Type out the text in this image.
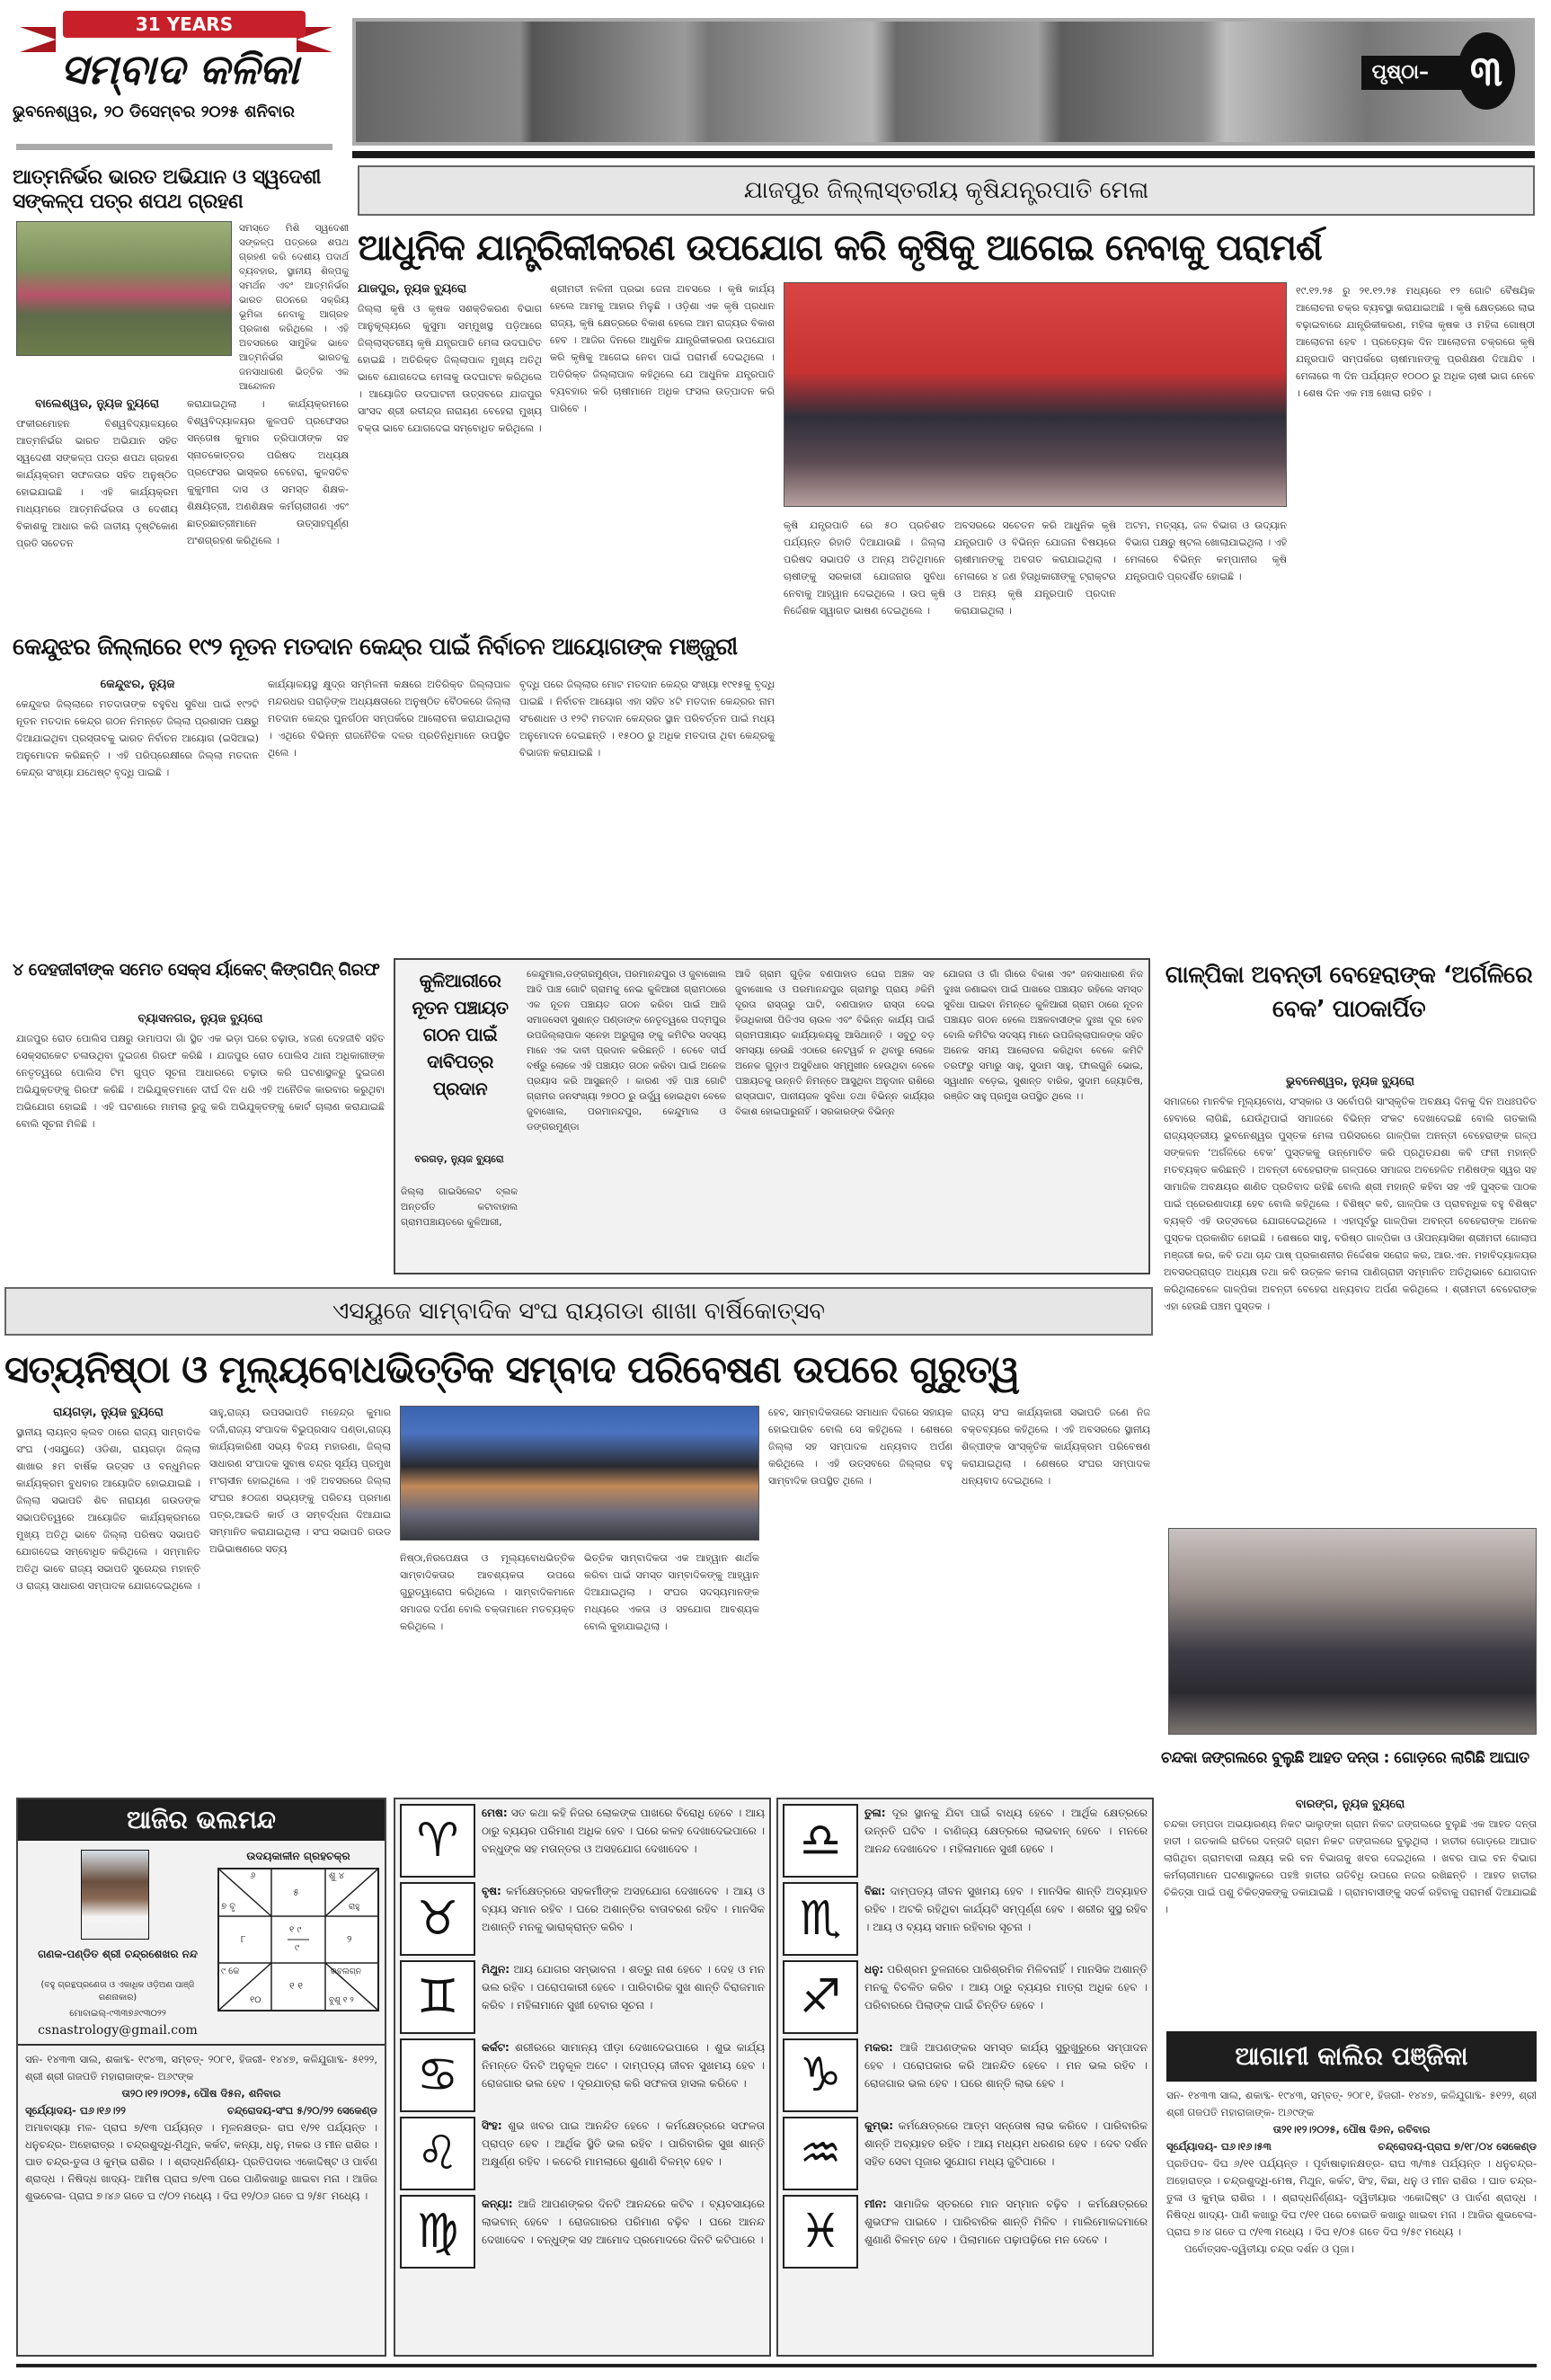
31 YEARS
ସମ୍ବାଦ କଳିକା
ଭୁବନେଶ୍ୱର, ୨୦ ଡିସେମ୍ବର ୨୦୨୫ ଶନିବାର
ପୃଷ୍ଠା– ୩
ଆତ୍ମନିର୍ଭର ଭାରତ ଅଭିଯାନ ଓ ସ୍ୱଦେଶୀ ସଙ୍କଳ୍ପ ପତ୍ର ଶପଥ ଗ୍ରହଣ
ସମସ୍ତେ ମିଶି ସ୍ୱଦେଶୀ ସଙ୍କଳ୍ପ ପତ୍ରରେ ଶପଥ ଗ୍ରହଣ କରି ଦେଶୀୟ ପଦାର୍ଥ ବ୍ୟବହାର, ସ୍ଥାନୀୟ ଶିଳ୍ପକୁ ସମର୍ଥନ ଏବଂ ଆତ୍ମନିର୍ଭର ଭାରତ ଗଠନରେ ସକ୍ରିୟ ଭୂମିକା ନେବାକୁ ଆଗ୍ରହ ପ୍ରକାଶ କରିଥିଲେ । ଏହି ଅବସରରେ ସାମୁହିକ ଭାବେ ଆତ୍ମନିର୍ଭର ଭାରତକୁ ଜନସାଧାରଣ ଭିତ୍ତିକ ଏକ ଆନ୍ଦୋଳନ
ବାଲେଶ୍ୱର, ନ୍ୟୁଜ ବ୍ୟୁରୋ
ଫକୀରମୋହନ ବିଶ୍ୱବିଦ୍ୟାଳୟରେ ଆତ୍ମନିର୍ଭର ଭାରତ ଅଭିଯାନ ସହିତ ସ୍ୱଦେଶୀ ସଙ୍କଳ୍ପ ପତ୍ର ଶପଥ ଗ୍ରହଣ କାର୍ଯ୍ୟକ୍ରମ ସଫଳତାର ସହିତ ଅନୁଷ୍ଠିତ ହୋଇଯାଇଛି । ଏହି କାର୍ଯ୍ୟକ୍ରମ ମାଧ୍ୟମରେ ଆତ୍ମନିର୍ଭରତା ଓ ଦେଶୀୟ ବିକାଶକୁ ଆଧାର କରି ଜାତୀୟ ଦୃଷ୍ଟିକୋଣ ପ୍ରତି ସଚେତନ
କରାଯାଇଥିଲା । କାର୍ଯ୍ୟକ୍ରମରେ ବିଶ୍ୱବିଦ୍ୟାଳୟର କୁଳପତି ପ୍ରଫେସର ସନ୍ତୋଷ କୁମାର ତ୍ରିପାଠୀଙ୍କ ସହ ସ୍ନାତକୋତ୍ତର ପରିଷଦ ଅଧ୍ୟକ୍ଷ ପ୍ରଫେସର ଭାସ୍କର ବେହେରା, କୁଳସଚିବ କୁକୁମୀନା ଦାସ ଓ ସମସ୍ତ ଶିକ୍ଷକ-ଶିକ୍ଷୟିତ୍ରୀ, ଅଣଶିକ୍ଷକ କର୍ମଚାରୀଗଣ ଏବଂ ଛାତ୍ରଛାତ୍ରୀମାନେ ଉତ୍ସାହପୂର୍ଣ୍ଣ ଅଂଶଗ୍ରହଣ କରିଥିଲେ ।
ଯାଜପୁର ଜିଲ୍ଲାସ୍ତରୀୟ କୃଷିଯନ୍ତ୍ରପାତି ମେଳା
ଆଧୁନିକ ଯାନ୍ତ୍ରିକୀକରଣ ଉପଯୋଗ କରି କୃଷିକୁ ଆଗେଇ ନେବାକୁ ପରାମର୍ଶ
ଯାଜପୁର, ନ୍ୟୁଜ ବ୍ୟୁରୋ
ଜିଲ୍ଲା କୃଷି ଓ କୃଷକ ସଶକ୍ତିକରଣ ବିଭାଗ ଆନୁକୂଲ୍ୟରେ କୁସୁମା ସମ୍ମୁଖସ୍ଥ ପଡ଼ିଆରେ ଜିଲ୍ଲାସ୍ତରୀୟ କୃଷି ଯନ୍ତ୍ରପାତି ମେଳା ଉଦଘାଟିତ ହୋଇଛି । ଅତିରିକ୍ତ ଜିଲ୍ଲାପାଳ ମୁଖ୍ୟ ଅତିଥି ଭାବେ ଯୋଗଦେଇ ମେଳାକୁ ଉଦଘାଟନ କରିଥିଲେ । ଆୟୋଜିତ ଉଦଘାଟନୀ ଉତ୍ସବରେ ଯାଜପୁର ସାଂସଦ ଶ୍ରୀ ରବୀନ୍ଦ୍ର ନାରାୟଣ ବେହେରା ମୁଖ୍ୟ ବକ୍ତା ଭାବେ ଯୋଗଦେଇ ସମ୍ବୋଧିତ କରିଥିଲେ ।
ଶ୍ରୀମତୀ ନଳିନୀ ପ୍ରଭା ଜେନା ଅବସରେ । କୃଷି କାର୍ଯ୍ୟ ହେଲେ ଆମକୁ ଆହାର ମିଳୁଛି । ଓଡ଼ିଶା ଏକ କୃଷି ପ୍ରଧାନ ରାଜ୍ୟ, କୃଷି କ୍ଷେତ୍ରରେ ବିକାଶ ହେଲେ ଆମ ରାଜ୍ୟର ବିକାଶ ହେବ । ଆଜିର ଦିନରେ ଆଧୁନିକ ଯାନ୍ତ୍ରିକୀକରଣ ଉପଯୋଗ କରି କୃଷିକୁ ଆଗେଇ ନେବା ପାଇଁ ପରାମର୍ଶ ଦେଇଥିଲେ । ଅତିରିକ୍ତ ଜିଲ୍ଲାପାଳ କହିଥିଲେ ଯେ ଆଧୁନିକ ଯନ୍ତ୍ରପାତି ବ୍ୟବହାର କରି ଚାଷୀମାନେ ଅଧିକ ଫସଲ ଉତ୍ପାଦନ କରି ପାରିବେ ।
୧୯.୧୨.୨୫ ରୁ ୨୧.୧୨.୨୫ ମଧ୍ୟରେ ୧୨ ଗୋଟି ବୈଷୟିକ ଆଲୋଚନା ଚକ୍ର ବ୍ୟବସ୍ଥା କରାଯାଇଅଛି । କୃଷି କ୍ଷେତ୍ରରେ ଲାଭ ବଢ଼ାଇବାରେ ଯାନ୍ତ୍ରିକୀକରଣ, ମହିଳା କୃଷକ ଓ ମହିଳା ଗୋଷ୍ଠୀ ଆଲୋଚନା ହେବ । ପ୍ରତ୍ୟେକ ଦିନ ଆଲୋଚନା ଚକ୍ରରେ କୃଷି ଯନ୍ତ୍ରପାତି ସମ୍ପର୍କରେ ଚାଷୀମାନଙ୍କୁ ପ୍ରଶିକ୍ଷଣ ଦିଆଯିବ । ମେଳାରେ ୩ ଦିନ ପର୍ଯ୍ୟନ୍ତ ୧୦୦୦ ରୁ ଅଧିକ ଚାଷୀ ଭାଗ ନେବେ । ଶେଷ ଦିନ ଏକ ମଞ୍ଚ ଖୋଲା ରହିବ ।
କୃଷି ଯନ୍ତ୍ରପାତି ରେ ୫୦ ପ୍ରତିଶତ ପର୍ଯ୍ୟନ୍ତ ରିହାତି ଦିଆଯାଉଛି । ଜିଲ୍ଲା ପରିଷଦ ସଭାପତି ଓ ଅନ୍ୟ ଅତିଥିମାନେ ଚାଷୀଙ୍କୁ ସରକାରୀ ଯୋଜନାର ସୁବିଧା ନେବାକୁ ଆହ୍ୱାନ ଦେଇଥିଲେ । ଉପ କୃଷି ନିର୍ଦ୍ଦେଶକ ସ୍ୱାଗତ ଭାଷଣ ଦେଇଥିଲେ ।
ଅବସରରେ ସଚେତନ କରି ଆଧୁନିକ କୃଷି ଯନ୍ତ୍ରପାତି ଓ ବିଭିନ୍ନ ଯୋଜନା ବିଷୟରେ ଚାଷୀମାନଙ୍କୁ ଅବଗତ କରାଯାଇଥିଲା । ମେଳାରେ ୪ ଜଣ ହିତାଧିକାରୀଙ୍କୁ ଟ୍ରାକ୍ଟର ଓ ଅନ୍ୟ କୃଷି ଯନ୍ତ୍ରପାତି ପ୍ରଦାନ କରାଯାଇଥିଲା ।
ଅଟମ, ମତ୍ସ୍ୟ, ଜଳ ବିଭାଗ ଓ ଉଦ୍ୟାନ ବିଭାଗ ପକ୍ଷରୁ ଷ୍ଟଲ ଖୋଲାଯାଇଥିଲା । ଏହି ମେଳାରେ ବିଭିନ୍ନ କମ୍ପାନୀର କୃଷି ଯନ୍ତ୍ରପାତି ପ୍ରଦର୍ଶିତ ହୋଇଛି ।
କେନ୍ଦୁଝର ଜିଲ୍ଲାରେ ୧୯୨ ନୂତନ ମତଦାନ କେନ୍ଦ୍ର ପାଇଁ ନିର୍ବାଚନ ଆୟୋଗଙ୍କ ମଞ୍ଜୁରୀ
କେନ୍ଦୁଝର, ନ୍ୟୁଜ
କେନ୍ଦୁଝର ଜିଲ୍ଲାରେ ମତଦାତାଙ୍କ ବହୁବିଧ ସୁବିଧା ପାଇଁ ୧୯୨ଟି ନୂତନ ମତଦାନ କେନ୍ଦ୍ର ଗଠନ ନିମନ୍ତେ ଜିଲ୍ଲା ପ୍ରଶାସନ ପକ୍ଷରୁ ଦିଆଯାଇଥିବା ପ୍ରସ୍ତାବକୁ ଭାରତ ନିର୍ବାଚନ ଆୟୋଗ (ଇସିଆଇ) ଅନୁମୋଦନ କରିଛନ୍ତି । ଏହି ପରିପ୍ରେକ୍ଷୀରେ ଜିଲ୍ଲା ମତଦାନ କେନ୍ଦ୍ର ସଂଖ୍ୟା ଯଥେଷ୍ଟ ବୃଦ୍ଧି ପାଇଛି ।
କାର୍ଯ୍ୟାଳୟସ୍ଥ କ୍ଷୁଦ୍ର ସମ୍ମିଳନୀ କକ୍ଷରେ ଅତିରିକ୍ତ ଜିଲ୍ଲାପାଳ ମନ୍ଦରଧର ପରାଡ଼ିଙ୍କ ଅଧ୍ୟକ୍ଷତାରେ ଅନୁଷ୍ଠିତ ବୈଠକରେ ଜିଲ୍ଲା ମତଦାନ କେନ୍ଦ୍ର ପୁନର୍ଗଠନ ସମ୍ପର୍କରେ ଆଲୋଚନା କରାଯାଇଥିଲା । ଏଥିରେ ବିଭିନ୍ନ ରାଜନୈତିକ ଦଳର ପ୍ରତିନିଧିମାନେ ଉପସ୍ଥିତ ଥିଲେ ।
ବୃଦ୍ଧି ପରେ ଜିଲ୍ଲାର ମୋଟ ମତଦାନ କେନ୍ଦ୍ର ସଂଖ୍ୟା ୧୯୧୫କୁ ବୃଦ୍ଧି ପାଇଛି । ନିର୍ବାଚନ ଆୟୋଗ ଏହା ସହିତ ୪ଟି ମତଦାନ କେନ୍ଦ୍ରର ନାମ ସଂଶୋଧନ ଓ ୧୨ଟି ମତଦାନ କେନ୍ଦ୍ରର ସ୍ଥାନ ପରିବର୍ତ୍ତନ ପାଇଁ ମଧ୍ୟ ଅନୁମୋଦନ ଦେଇଛନ୍ତି । ୧୫୦୦ ରୁ ଅଧିକ ମତଦାତା ଥିବା କେନ୍ଦ୍ରକୁ ବିଭାଜନ କରାଯାଇଛି ।
୪ ଦେହଜୀବୀଙ୍କ ସମେତ ସେକ୍ସ ର୍ୟାକେଟ୍ କିଙ୍ଗପିନ୍ ଗିରଫ
ବ୍ୟାସନଗର, ନ୍ୟୁଜ ବ୍ୟୁରୋ
ଯାଜପୁର ରୋଡ ପୋଲିସ ପକ୍ଷରୁ ଉମାପଦା ଗାଁ ସ୍ଥିତ ଏକ ଭଡ଼ା ଘରେ ଚଢ଼ାଉ, ୪ଜଣ ଦେହଜୀବି ସହିତ ସେକ୍ସରାକେଟ ଚଳାଉଥିବା ଦୁଇଜଣ ଗିରଫ କରିଛି । ଯାଜପୁର ରୋଡ ପୋଲିସ ଥାନା ଅଧିକାରୀଙ୍କ ନେତୃତ୍ୱରେ ପୋଲିସ ଟିମ ଗୁପ୍ତ ସୂଚନା ଆଧାରରେ ଚଢ଼ାଉ କରି ଘଟଣାସ୍ଥଳରୁ ଦୁଇଜଣ ଅଭିଯୁକ୍ତଙ୍କୁ ଗିରଫ କରିଛି । ଅଭିଯୁକ୍ତମାନେ ଦୀର୍ଘ ଦିନ ଧରି ଏହି ଅନୈତିକ କାରବାର କରୁଥିବା ଅଭିଯୋଗ ହୋଇଛି । ଏହି ଘଟଣାରେ ମାମଲା ରୁଜୁ କରି ଅଭିଯୁକ୍ତଙ୍କୁ କୋର୍ଟ ଚାଲାଣ କରାଯାଇଛି ବୋଲି ସୂଚନା ମିଳିଛି ।
କୁଳିଆରୀରେ ନୂତନ ପଞ୍ଚାୟତ ଗଠନ ପାଇଁ ଦାବିପତ୍ର ପ୍ରଦାନ
ବରଗଡ଼, ନ୍ୟୁଜ ବ୍ୟୁରୋ
ଜିଲ୍ଲା ଗାଇସିଲେଟ ବ୍ଲକ ଅନ୍ତର୍ଗତ କଟାବାହାଲ ଗ୍ରାମପଞ୍ଚାୟତରେ କୁଳିଆରୀ,
କେନ୍ଦୁମାଲ,ଡଙ୍ଗରମୁଣ୍ଡା, ପରମାନନ୍ଦପୁର ଓ ଜୁବାଖୋଲ ଆଦି ପାଞ୍ଚ ଗୋଟି ଗ୍ରାମକୁ ନେଇ କୁଳିଆରୀ ଗ୍ରାମଠାରେ ଏକ ନୂତନ ପଞ୍ଚାୟତ ଗଠନ କରିବା ପାଇଁ ଆଜି ସମାଜସେବୀ ସୁଶାନ୍ତ ପଣ୍ଡାଙ୍କ ନେତୃତ୍ୱରେ ପଦ୍ମପୁର ଉପଜିଲ୍ଲାପାଳ ସ୍ନେହା ଅରୁଗୁଲା ଙ୍କୁ କମିଟିର ସଦସ୍ୟ ମାନେ ଏକ ଦାବୀ ପ୍ରଦାନ କରିଛନ୍ତି । ତେବେ ଦୀର୍ଘ ବର୍ଷରୁ ଲୋକେ ଏହି ପଞ୍ଚାୟତ ଗଠନ କରିବା ପାଇଁ ଅନେକ ପ୍ରୟାସ କରି ଆସୁଛନ୍ତି । କାରଣ ଏହି ପାଞ୍ଚ ଗୋଟି ଗ୍ରାମର ଜନସଂଖ୍ୟା ୨୭୦୦ ରୁ ଉର୍ଦ୍ଧ୍ୱ ହୋଇଥିବା ବେଳେ ଜୁବାଖୋଲ, ପରମାନନ୍ଦପୁର, କେନ୍ଦୁମାଲ ଓ ଡଙ୍ଗରମୁଣ୍ଡା
ଆଦି ଗ୍ରାମ ଗୁଡ଼ିକ ବଣପାହାଡ ଘେରା ଅଞ୍ଚଳ ସହ ଜୁବାଖୋଲ ଓ ପରମାନନ୍ଦପୁର ଗ୍ରାମରୁ ପ୍ରାୟ ୬କିମି ଦୂରତା ରାସ୍ତାରୁ ଘାଟି, ବଣପାହାଡ ରାସ୍ତା ଦେଇ ହିତାଧିକାରୀ ପିଡିଏସ ଚାଉଳ ଏବଂ ବିଭିନ୍ନ କାର୍ଯ୍ୟ ପାଇଁ ଗ୍ରାମପଞ୍ଚାୟତ କାର୍ଯ୍ୟାଳୟକୁ ଆସିଥାନ୍ତି । ସବୁଠୁ ବଡ଼ ସମସ୍ୟା ହେଉଛି ଏଠାରେ ନେଟୱର୍କ ନ ଥିବାରୁ ଲୋକେ ଅନେକ ଗୁଡ଼ାଏ ଅସୁବିଧାର ସମ୍ମୁଖୀନ ହେଉଥିବା ବେଳେ ପଞ୍ଚାୟତକୁ ଉନ୍ନତି ନିମନ୍ତେ ଆସୁଥିବା ଅନୁଦାନ ରାଶିରେ ରାସ୍ତାଘାଟ, ପାନୀୟଜଳ ସୁବିଧା ତଥା ବିଭିନ୍ନ କାର୍ଯ୍ୟର ବିକାଶ ହୋଇପାରୁନାହିଁ । ସରକାରଙ୍କ ବିଭିନ୍ନ
ଯୋଜନା ଓ ଗାଁ ଗାଁରେ ବିକାଶ ଏବଂ ଜନସାଧାରଣ ନିଜ ଦୁଃଖ ଜଣାଇବା ପାଇଁ ପାଖରେ ପଞ୍ଚାୟତ ରହିଲେ ସମସ୍ତ ସୁବିଧା ପାଇବା ନିମନ୍ତେ କୁଳିଆରୀ ଗ୍ରାମ ଠାରେ ନୂତନ ପଞ୍ଚାୟତ ଗଠନ ହେଲେ ଅଞ୍ଚଳବାସୀଙ୍କ ଦୁଃଖ ଦୂର ହେବ ବୋଲି କମିଟିର ସଦସ୍ୟ ମାନେ ଉପଜିଲ୍ଲାପାଳଙ୍କ ସହିତ ଅନେକ ସମୟ ଆଲୋଚନା କରିଥିବା ବେଳେ କମିଟି ତରଫରୁ ସମାରୁ ସାହୁ, ସୁଦାମ ସାହୁ, ଫାଲଗୁନି ଭୋଇ, ସ୍ୱାଧୀନ ବଡ଼େଇ, ସୁଶାନ୍ତ ବାରିକ, ସୁଦାମ ଜ୍ୟୋତିଷ, ରଞ୍ଜିତ ସାହୁ ପ୍ରମୁଖ ଉପସ୍ଥିତ ଥିଲେ ।।
ଗାଳ୍ପିକା ଅବନ୍ତୀ ବେହେରାଙ୍କ ‘ଅର୍ଗଳିରେ ବେକ’ ପାଠକାର୍ପିତ
ଭୁବନେଶ୍ୱର, ନ୍ୟୁଜ ବ୍ୟୁରୋ
ସମାଜରେ ମାନବିକ ମୂଲ୍ୟବୋଧ, ସଂସ୍କାର ଓ ସର୍ବୋପରି ସାଂସ୍କୃତିକ ଅବକ୍ଷୟ ଦିନକୁ ଦିନ ଅଧଃପତିତ ହେବାରେ ଲାଗିଛି, ଯେଉଁଥିପାଇଁ ସମାଜରେ ବିଭିନ୍ନ ସଂକଟ ଦେଖାଦେଇଛି ବୋଲି ଗତକାଲି ରାଜ୍ୟସ୍ତରୀୟ ଭୁବନେଶ୍ୱର ପୁସ୍ତକ ମେଳା ପରିସରରେ ଗାଳ୍ପିକା ଅନନ୍ତୀ ବେହେରାଙ୍କ ଗଳ୍ପ ସଙ୍କଳନ ‘ଅର୍ଗଳିରେ ବେକ’ ପୁସ୍ତକକୁ ଉନ୍ମୋଚିତ କରି ପ୍ରଥିତଯଶା କବି ଫନୀ ମହାନ୍ତି ମତବ୍ୟକ୍ତ କରିଛନ୍ତି । ଅବନ୍ତୀ ବେହେରାଙ୍କ ଗଳ୍ପରେ ସମାଜର ଅବହେଳିତ ମଣିଷଙ୍କ ସ୍ୱର ସହ ସାମାଜିକ ଅବକ୍ଷୟର ଶାଣିତ ପ୍ରତିବାଦ ରହିଛି ବୋଲି ଶ୍ରୀ ମହାନ୍ତି କହିବା ସହ ଏହି ପୁସ୍ତକ ପାଠକ ପାଇଁ ପ୍ରେରଣାଦାୟୀ ହେବ ବୋଲି କହିଥିଲେ । ବିଶିଷ୍ଟ କବି, ଗାଳ୍ପିକ ଓ ପ୍ରାବନ୍ଧିକ ବହୁ ବିଶିଷ୍ଟ ବ୍ୟକ୍ତି ଏହି ଉତ୍ସବରେ ଯୋଗଦେଇଥିଲେ । ଏହାପୂର୍ବରୁ ଗାଳ୍ପିକା ଅବନ୍ତୀ ବେହେରାଙ୍କ ଅନେକ ପୁସ୍ତକ ପ୍ରକାଶିତ ହୋଇଛି । ଶେଷରେ ସାହୁ, ବରିଷ୍ଠ ଗାଳ୍ପିକା ଓ ଔପନ୍ୟାସିକା ଶ୍ରୀମତୀ ଗୋଲାପ ମଞ୍ଜରୀ କର, କବି ତଥା ଚାନ୍ଦ ପାଷ୍ ପ୍ରକାଶନୀର ନିର୍ଦ୍ଦେଶକ ସରୋଜ କର, ଆର.ଏନ. ମହାବିଦ୍ୟାଳୟର ଅବସରପ୍ରାପ୍ତ ଅଧ୍ୟକ୍ଷ ତଥା କବି ଉତ୍କଳ କମଳା ପାଣିଗ୍ରାହୀ ସମ୍ମାନିତ ଅତିଥିଭାବେ ଯୋଗଦାନ କରିଥିଲାବେଳେ ଗାଳ୍ପିକା ଅବନ୍ତୀ ବେହେରା ଧନ୍ୟବାଦ ଅର୍ପଣ କରିଥିଲେ । ଶ୍ରୀମତୀ ବେହେରାଙ୍କ ଏହା ହେଉଛି ପଞ୍ଚମ ପୁସ୍ତକ ।
ଏସୟୁଜେ ସାମ୍ବାଦିକ ସଂଘ ରାୟଗଡା ଶାଖା ବାର୍ଷିକୋତ୍ସବ
ସତ୍ୟନିଷ୍ଠା ଓ ମୂଲ୍ୟବୋଧଭିତ୍ତିକ ସମ୍ବାଦ ପରିବେଷଣ ଉପରେ ଗୁରୁତ୍ୱ
ରାୟଗଡ଼ା, ନ୍ୟୁଜ ବ୍ୟୁରୋ
ସ୍ଥାନୀୟ ଲାୟନ୍ସ କ୍ଲବ ଠାରେ ରାଜ୍ୟ ସାମ୍ବାଦିକ ସଂଘ (ଏସୟୁଜେ) ଓଡିଶା, ରାୟଗଡ଼ା ଜିଲ୍ଲା ଶାଖାର ୫ମ ବାର୍ଷିକ ଉତ୍ସବ ଓ ବନ୍ଧୁମିଳନ କାର୍ଯ୍ୟକ୍ରମ ବୁଧବାର ଆୟୋଜିତ ହୋଇଯାଇଛି । ଜିଲ୍ଲା ସଭାପତି ଶିବ ନାରାୟଣ ଗଉଡଙ୍କ ସଭାପତିତ୍ୱରେ ଆୟୋଜିତ କାର୍ଯ୍ୟକ୍ରମରେ ମୁଖ୍ୟ ଅତିଥି ଭାବେ ଜିଲ୍ଲା ପରିଷଦ ସଭାପତି ଯୋଗଦେଇ ସମ୍ବୋଧିତ କରିଥିଲେ । ସମ୍ମାନିତ ଅତିଥି ଭାବେ ରାଜ୍ୟ ସଭାପତି ସୁରେନ୍ଦ୍ର ମହାନ୍ତି ଓ ରାଜ୍ୟ ସାଧାରଣ ସମ୍ପାଦକ ଯୋଗଦେଇଥିଲେ ।
ସାହୁ,ରାଜ୍ୟ ଉପସଭାପତି ମହେନ୍ଦ୍ର କୁମାର ଦର୍ଜୀ,ରାଜ୍ୟ ସଂପାଦକ ବିଭୁପ୍ରସାଦ ପଣ୍ଡା,ରାଜ୍ୟ କାର୍ଯ୍ୟକାରିଣୀ ସଭ୍ୟ ବିଜୟ ମହାରଣା, ଜିଲ୍ଲା ସାଧାରଣ ସଂପାଦକ ସୁବାଷ ଚନ୍ଦ୍ର ସୂର୍ଯ୍ୟ ପ୍ରମୁଖ ମଂଚାସୀନ ହୋଇଥିଲେ । ଏହି ଅବସରରେ ଜିଲ୍ଲା ସଂଘର ୫୦ଜଣ ସଭ୍ୟଙ୍କୁ ପରିଚୟ ପ୍ରମାଣ ପତ୍ର,ଆଇଡି କାର୍ଡ ଓ ସମ୍ବର୍ଦ୍ଧନା ଦିଆଯାଇ ସମ୍ମାନିତ କରାଯାଇଥିଲା । ସଂଘ ସଭାପତି ଗଉଡ ଅଭିଭାଷଣରେ ସତ୍ୟ
ନିଷ୍ଠା,ନିରପେକ୍ଷତା ଓ ମୂଲ୍ୟବୋଧଭିତ୍ତିକ ସାମ୍ବାଦିକତାର ଆବଶ୍ୟକତା ଉପରେ ଗୁରୁତ୍ୱାରୋପ କରିଥିଲେ । ସାମ୍ବାଦିକମାନେ ସମାଜର ଦର୍ପଣ ବୋଲି ବକ୍ତାମାନେ ମତବ୍ୟକ୍ତ କରିଥିଲେ ।
ଭିତ୍ତିକ ସାମ୍ବାଦିକତା ଏକ ଆହ୍ୱାନ ଶାର୍ଥକ କରିବା ପାଇଁ ସମସ୍ତ ସାମ୍ବାଦିକଙ୍କୁ ଆହ୍ୱାନ ଦିଆଯାଇଥିଲା । ସଂଘର ସଦସ୍ୟମାନଙ୍କ ମଧ୍ୟରେ ଏକତା ଓ ସହଯୋଗ ଆବଶ୍ୟକ ବୋଲି କୁହାଯାଇଥିଲା ।
ହେବ, ସାମ୍ବାଦିକତାରେ ସମାଧାନ ଦିଗରେ ସହାୟକ ହୋଇପାରିବ ବୋଲି ସେ କହିଥିଲେ । ଶେଷରେ ଜିଲ୍ଲା ସହ ସମ୍ପାଦକ ଧନ୍ୟବାଦ ଅର୍ପଣ କରିଥିଲେ । ଏହି ଉତ୍ସବରେ ଜିଲ୍ଲାର ବହୁ ସାମ୍ବାଦିକ ଉପସ୍ଥିତ ଥିଲେ ।
ରାଜ୍ୟ ସଂଘ କାର୍ଯ୍ୟକାରୀ ସଭାପତି ଜଣେ ନିଜ ବକ୍ତବ୍ୟରେ କହିଥିଲେ । ଏହି ଅବସରରେ ସ୍ଥାନୀୟ ଶିଳ୍ପୀଙ୍କ ସାଂସ୍କୃତିକ କାର୍ଯ୍ୟକ୍ରମ ପରିବେଷଣ କରାଯାଇଥିଲା । ଶେଷରେ ସଂଘର ସମ୍ପାଦକ ଧନ୍ୟବାଦ ଦେଇଥିଲେ ।
ଚନ୍ଦକା ଜଙ୍ଗଲରେ ବୁଲୁଛି ଆହତ ଦନ୍ତା : ଗୋଡ଼ରେ ଲାଗିଛି ଆଘାତ
ବାରଙ୍ଗ, ନ୍ୟୁଜ ବ୍ୟୁରୋ
ଚନ୍ଦକା ଡମ୍ପଡା ଅଭୟାରଣ୍ୟ ନିକଟ ଭାଲୁଙ୍କା ଗ୍ରାମ ନିକଟ ଜଙ୍ଗଲରେ ବୁଲୁଛି ଏକ ଆହତ ଦନ୍ତା ହାତୀ । ଗତକାଲି ରାତିରେ ଦନ୍ତାଟି ଗ୍ରାମ ନିକଟ ଜଙ୍ଗଲରେ ବୁଲୁଥିଲା । ହାତୀର ଗୋଡ଼ରେ ଆଘାତ ଲାଗିଥିବା ଗ୍ରାମବାସୀ ଲକ୍ଷ୍ୟ କରି ବନ ବିଭାଗକୁ ଖବର ଦେଇଥିଲେ । ଖବର ପାଇ ବନ ବିଭାଗ କର୍ମଚାରୀମାନେ ଘଟଣାସ୍ଥଳରେ ପହଞ୍ଚି ହାତୀର ଗତିବିଧି ଉପରେ ନଜର ରଖିଛନ୍ତି । ଆହତ ହାତୀର ଚିକିତ୍ସା ପାଇଁ ପଶୁ ଚିକିତ୍ସକଙ୍କୁ ଡକାଯାଇଛି । ଗ୍ରାମବାସୀଙ୍କୁ ସତର୍କ ରହିବାକୁ ପରାମର୍ଶ ଦିଆଯାଇଛି ।
ଆଜିର ଭଲମନ୍ଦ
ଉଦୟକାଳୀନ ଗ୍ରହଚକ୍ର
୬
୭ ବୃ
୫
ଶୁ ୪
ରାହୁ
୮
୧ ୯
୯
୨
୯ କେ
୧୦
୧ ୧
ରବଲଗ୍ନ
ବୁଶୁ ୧ ୨
ଗଣକ-ପଣ୍ଡିତ ଶ୍ରୀ ଚନ୍ଦ୍ରଶେଖର ନନ୍ଦ
(ବହୁ ଗ୍ରନ୍ଥପ୍ରଣେତା ଓ ଏକାଧିକ ଓଡ଼ିଅଣ ପାଞ୍ଜି ଗଣନାକାର)
ମୋବାଇଲ୍-୯୩୩୭୬୯୩୦୨୨
csnastrology@gmail.com
ସନ- ୧୪୩୩ ସାଲ, ଶକାବ୍ଦ- ୧୯୪୩, ସମ୍ବତ୍- ୨୦୮୧, ହିଜରୀ- ୧୪୪୭, କଳିଯୁଗାବ୍ଦ- ୫୧୨୨, ଶ୍ରୀ ଶ୍ରୀ ଗଜପତି ମହାରାଜାଙ୍କ- ଅ୬୯ଙ୍କ
ତା୨୦।୧୨।୨୦୨୫, ପୌଷ ଦି୫ନ, ଶନିବାର
ସୂର୍ଯ୍ୟୋଦୟ- ଘ୬।୧୬।୨୨	ଚନ୍ଦ୍ରୋଦୟ-ସଂଘ ୫/୨୦/୨୨ ସେକେଣ୍ଡ
ଅମାବାସ୍ୟା ମଳ- ପ୍ରାଘ ୭/୧୩ ପର୍ଯ୍ୟନ୍ତ । ମୂଳନକ୍ଷତ୍ର- ରାଘ ୧/୨୧ ପର୍ଯ୍ୟନ୍ତ । ଧନୁଚନ୍ଦ୍ର- ଅହୋରାତ୍ର । ଚନ୍ଦ୍ରଶୁଦ୍ଧି-ମିଥୁନ, କର୍କଟ, କନ୍ୟା, ଧନୁ, ମକର ଓ ମୀନ ରାଶିର । ଘାତ ଚନ୍ଦ୍ର-ତୁଳା ଓ କୁମ୍ଭ ରାଶିର । । ଶ୍ରାଦ୍ଧନିର୍ଣ୍ଣୟ- ପ୍ରତିପଦାର ଏକୋଦ୍ଦିଷ୍ଟ ଓ ପାର୍ବଣ ଶ୍ରାଦ୍ଧ । ନିଷିଦ୍ଧ ଖାଦ୍ୟ- ଆମିଷ ପ୍ରାଘ ୭/୧୩ ପରେ ପାଣିକଖାରୁ ଖାଇବା ମନା । ଆଜିର ଶୁଭବେଳା- ପ୍ରାଘ ୭।୪୬ ଗତେ ଘ ୯/୦୨ ମଧ୍ୟେ । ଦିଘ ୧୨/୦୬ ଗତେ ଘ ୨/୫୮ ମଧ୍ୟେ ।
♈
ମେଷ: ସତ କଥା କହି ନିଜର ଲୋକଙ୍କ ପାଖରେ ବିରୋଧି ହେବେ । ଆୟ ଠାରୁ ବ୍ୟୟର ପରିମାଣ ଅଧିକ ହେବ । ଘରେ କଳହ ଦେଖାଦେଇପାରେ । ବନ୍ଧୁଙ୍କ ସହ ମତାନ୍ତର ଓ ଅସହଯୋଗ ଦେଖାଦେବ ।
♉
ବୃଷ: କର୍ମକ୍ଷେତ୍ରରେ ସହକର୍ମୀଙ୍କ ଅସହଯୋଗ ଦେଖାଦେବ । ଆୟ ଓ ବ୍ୟୟ ସମାନ ରହିବ । ଘରେ ଅଶାନ୍ତିର ବାତାବରଣ ରହିବ । ମାନସିକ ଅଶାନ୍ତି ମନକୁ ଭାରାକ୍ରାନ୍ତ କରିବ ।
♊
ମିଥୁନ: ଆୟ ଯୋଗର ସମ୍ଭାବନା । ଶତ୍ରୁ ନାଶ ହେବେ । ଦେହ ଓ ମନ ଭଲ ରହିବ । ପରୋପକାରୀ ହେବେ । ପାରିବାରିକ ସୁଖ ଶାନ୍ତି ବିରାଜମାନ କରିବ । ମହିଳାମାନେ ସୁଖୀ ହେବାର ସୂଚନା ।
♋
କର୍କଟ: ଶରୀରରେ ସାମାନ୍ୟ ପୀଡ଼ା ଦେଖାଦେଇପାରେ । ଶୁଭ କାର୍ଯ୍ୟ ନିମନ୍ତେ ଦିନଟି ଅନୁକୂଳ ଅଟେ । ଦାମ୍ପତ୍ୟ ଜୀବନ ସୁଖମୟ ହେବ । ରୋଜଗାର ଭଲ ହେବ । ଦୂରଯାତ୍ରା କରି ସଫଳତା ହାସଲ କରିବେ ।
♌
ସିଂହ: ଶୁଭ ଖବର ପାଇ ଆନନ୍ଦିତ ହେବେ । କର୍ମକ୍ଷେତ୍ରରେ ସଫଳତା ପ୍ରାପ୍ତ ହେବ । ଆର୍ଥିକ ସ୍ଥିତି ଭଲ ରହିବ । ପାରିବାରିକ ସୁଖ ଶାନ୍ତି ଅକ୍ଷୁର୍ଣ୍ଣ ରହିବ । କଚେରି ମାମଲାରେ ଶୁଣାଣି ବିଳମ୍ବ ହେବ ।
♍
କନ୍ୟା: ଆଜି ଆପଣଙ୍କର ଦିନଟି ଆନନ୍ଦରେ କଟିବ । ବ୍ୟବସାୟରେ ଲାଭବାନ୍ ହେବେ । ରୋଜଗାରର ପରିମାଣ ବଢ଼ିବ । ଘରେ ଆନନ୍ଦ ଦେଖାଦେବ । ବନ୍ଧୁଙ୍କ ସହ ଆମୋଦ ପ୍ରମୋଦରେ ଦିନଟି କଟିପାରେ ।
♎
ତୁଳା: ଦୂର ସ୍ଥାନକୁ ଯିବା ପାଇଁ ବାଧ୍ୟ ହେବେ । ଆର୍ଥିକ କ୍ଷେତ୍ରରେ ଉନ୍ନତି ଘଟିବ । ବାଣିଜ୍ୟ କ୍ଷେତ୍ରରେ ଲାଭବାନ୍ ହେବେ । ମନରେ ଆନନ୍ଦ ଦେଖାଦେବ । ମହିଳାମାନେ ସୁଖୀ ହେବେ ।
♏
ବିଛା: ଦାମ୍ପତ୍ୟ ଜୀବନ ସୁଖମୟ ହେବ । ମାନସିକ ଶାନ୍ତି ଅବ୍ୟାହତ ରହିବ । ଅଟକି ରହିଥିବା କାର୍ଯ୍ୟଟି ସମ୍ପୂର୍ଣ୍ଣ ହେବ । ଶରୀର ସୁସ୍ଥ ରହିବ । ଆୟ ଓ ବ୍ୟୟ ସମାନ ରହିବାର ସୂଚନା ।
♐
ଧନୁ: ପରିଶ୍ରମ ତୁଳନାରେ ପାରିଶ୍ରମିକ ମିଳିବନାହିଁ । ମାନସିକ ଅଶାନ୍ତି ମନକୁ ବିଚଳିତ କରିବ । ଆୟ ଠାରୁ ବ୍ୟୟର ମାତ୍ରା ଅଧିକ ହେବ । ପରିବାରରେ ପିଲାଙ୍କ ପାଇଁ ଚିନ୍ତିତ ହେବେ ।
♑
ମକର: ଆଜି ଆପଣଙ୍କର ସମସ୍ତ କାର୍ଯ୍ୟ ସୁରୁଖୁରୁରେ ସମ୍ପାଦନ ହେବ । ପରୋପକାର କରି ଆନନ୍ଦିତ ହେବେ । ମନ ଭଲ ରହିବ । ରୋଜଗାର ଭଲ ହେବ । ଘରେ ଶାନ୍ତି ଲାଭ ହେବ ।
♒
କୁମ୍ଭ: କର୍ମକ୍ଷେତ୍ରରେ ଆତ୍ମ ସନ୍ତୋଷ ଲାଭ କରିବେ । ପାରିବାରିକ ଶାନ୍ତି ଅବ୍ୟାହତ ରହିବ । ଆୟ ମଧ୍ୟମ ଧରଣର ହେବ । ଦେବ ଦର୍ଶନ ସହିତ ସେବା ପୂଜାର ସୁଯୋଗ ମଧ୍ୟ ଜୁଟିପାରେ ।
♓
ମୀନ: ସାମାଜିକ ସ୍ତରରେ ମାନ ସମ୍ମାନ ବଢ଼ିବ । କର୍ମକ୍ଷେତ୍ରରେ ଶୁଭଫଳ ପାଇବେ । ପାରିବାରିକ ଶାନ୍ତି ମିଳିବ । ମାଲିମୋକଦ୍ଦମାରେ ଶୁଣାଣି ବିଳମ୍ବ ହେବ । ପିଲାମାନେ ପଢ଼ାପଢ଼ିରେ ମନ ଦେବେ ।
ଆଗାମୀ କାଲିର ପଞ୍ଜିକା
ସନ- ୧୪୩୩ ସାଲ, ଶକାବ୍ଦ- ୧୯୪୩, ସମ୍ବତ୍- ୨୦୮୧, ହିଜରୀ- ୧୪୪୭, କଳିଯୁଗାବ୍ଦ- ୫୧୨୨, ଶ୍ରୀ ଶ୍ରୀ ଗଜପତି ମହାରାଜାଙ୍କ- ଅ୬୯ଙ୍କ
ତା୨୧।୧୨।୨୦୨୫, ପୌଷ ଦି୬ନ, ରବିବାର
ସୂର୍ଯ୍ୟୋଦୟ- ଘ୬।୧୬।୫୩	ଚନ୍ଦ୍ରୋଦୟ-ପ୍ରାଘ ୭/୧୮/୦୪ ସେକେଣ୍ଡ
ପ୍ରତିପଦ- ଦିଘ ୬/୧୧ ପର୍ଯ୍ୟନ୍ତ । ପୂର୍ବାଷାଢ଼ାନକ୍ଷତ୍ର- ରାଘ ୩/୩୫ ପର୍ଯ୍ୟନ୍ତ । ଧନୁଚନ୍ଦ୍ର- ଅହୋରାତ୍ର । ଚନ୍ଦ୍ରଶୁଦ୍ଧି-ମେଷ, ମିଥୁନ, କର୍କଟ, ସିଂହ, ବିଛା, ଧନୁ ଓ ମୀନ ରାଶିର । ଘାତ ଚନ୍ଦ୍ର-ତୁଳା ଓ କୁମ୍ଭ ରାଶିର । । ଶ୍ରାଦ୍ଧନିର୍ଣ୍ଣୟ- ଦ୍ୱିତୀୟାର ଏକୋଦ୍ଦିଷ୍ଟ ଓ ପାର୍ବଣ ଶ୍ରାଦ୍ଧ । ନିଷିଦ୍ଧ ଖାଦ୍ୟ- ପାଣି କଖାରୁ ଦିଘ ୯/୧୧ ପରେ ବୋଇତି କଖାରୁ ଖାଇବା ମନା । ଆଜିର ଶୁଭବେଳା- ପ୍ରାଘ ୭।୪ ଗତେ ଘ ୯/୧୩ ମଧ୍ୟେ । ଦିଘ ୧/୦୫ ଗତେ ଦିଘ ୨/୫୯ ମଧ୍ୟେ ।
ପର୍ବୋତ୍ସବ-ଦ୍ୱିତୀୟା ଚନ୍ଦ୍ର ଦର୍ଶନ ଓ ପୂଜା।
